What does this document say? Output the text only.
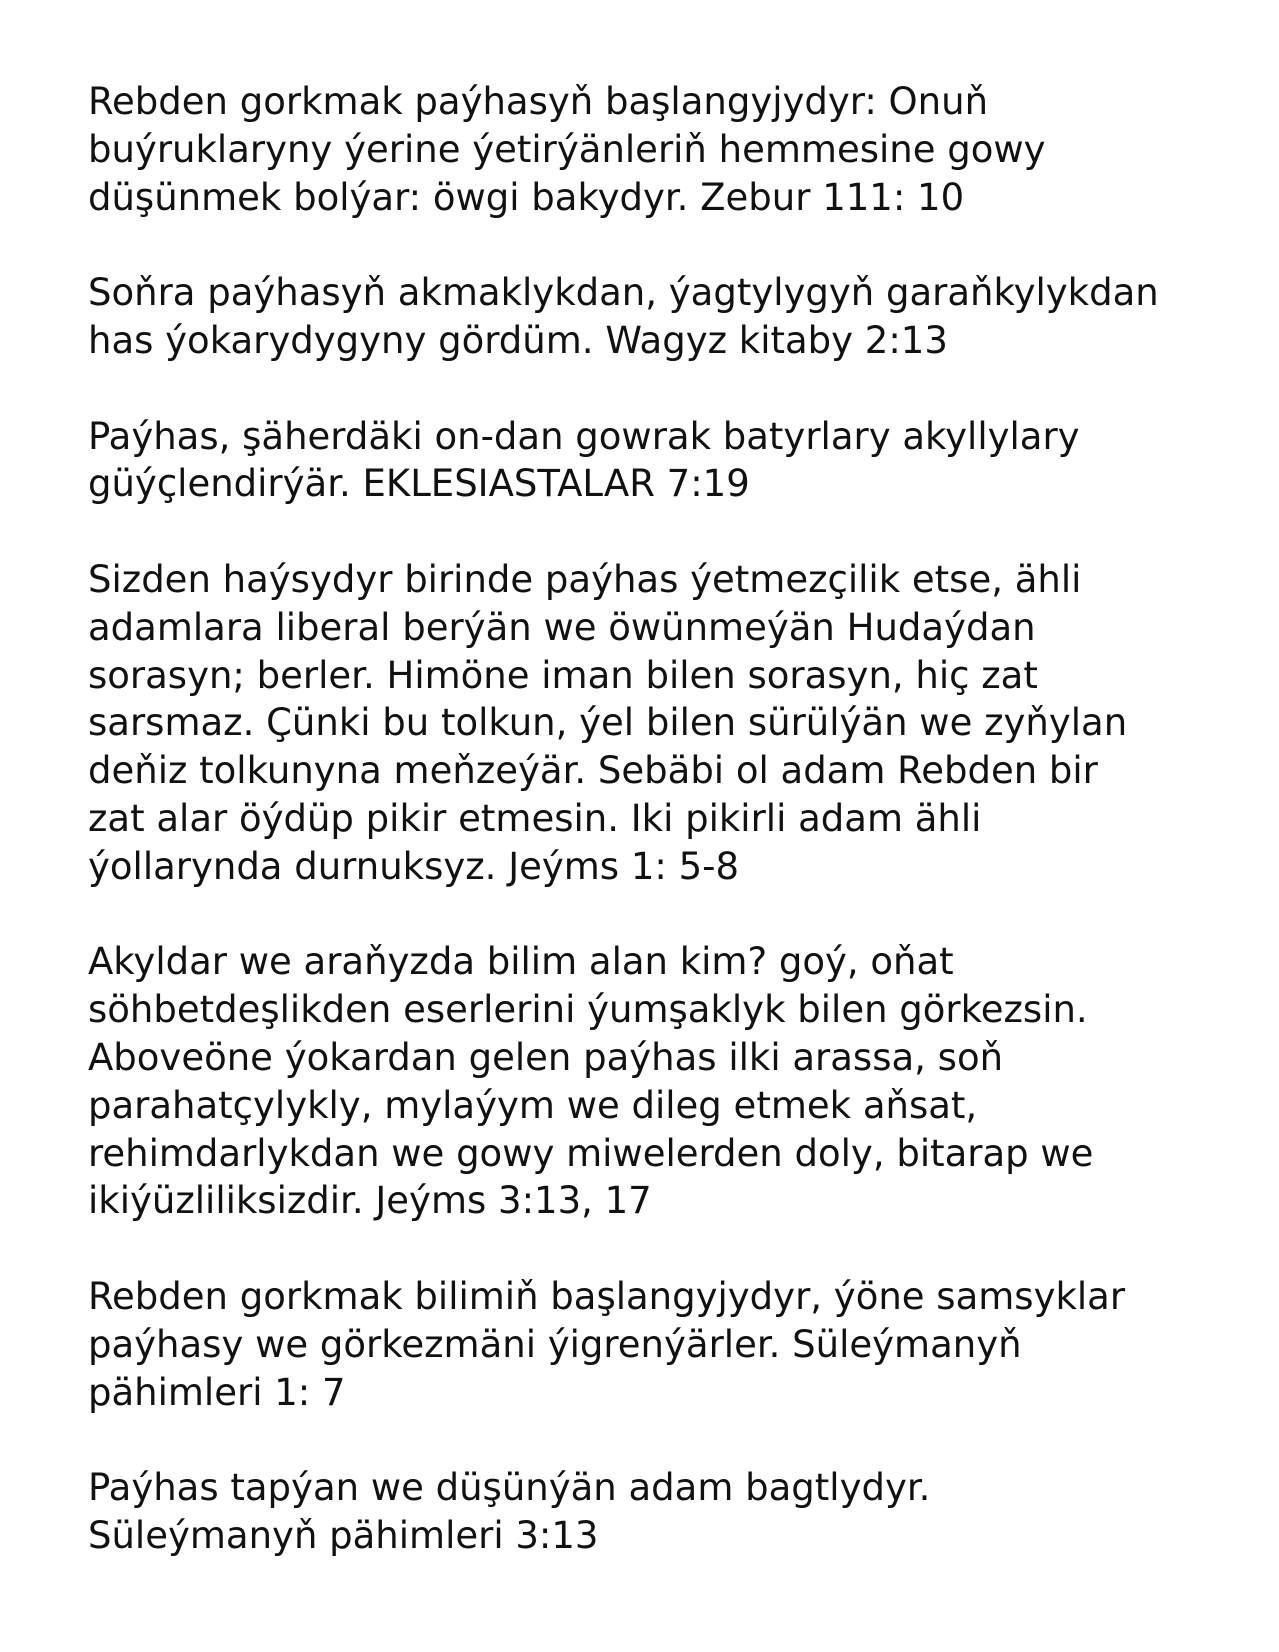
Rebden gorkmak paýhasyň başlangyjydyr: Onuň
buýruklaryny ýerine ýetirýänleriň hemmesine gowy
düşünmek bolýar: öwgi bakydyr. Zebur 111: 10

Soňra paýhasyň akmaklykdan, ýagtylygyň garaňkylykdan
has ýokarydygyny gördüm. Wagyz kitaby 2:13

Paýhas, şäherdäki on-dan gowrak batyrlary akyllylary
güýçlendirýär. EKLESIASTALAR 7:19

Sizden haýsydyr birinde paýhas ýetmezçilik etse, ähli
adamlara liberal berýän we öwünmeýän Hudaýdan
sorasyn; berler. Himöne iman bilen sorasyn, hiç zat
sarsmaz. Çünki bu tolkun, ýel bilen sürülýän we zyňylan
deňiz tolkunyna meňzeýär. Sebäbi ol adam Rebden bir
zat alar öýdüp pikir etmesin. Iki pikirli adam ähli
ýollarynda durnuksyz. Jeýms 1: 5-8

Akyldar we araňyzda bilim alan kim? goý, oňat
söhbetdeşlikden eserlerini ýumşaklyk bilen görkezsin.
Aboveöne ýokardan gelen paýhas ilki arassa, soň
parahatçylykly, mylaýym we dileg etmek aňsat,
rehimdarlykdan we gowy miwelerden doly, bitarap we
ikiýüzliliksizdir. Jeýms 3:13, 17

Rebden gorkmak bilimiň başlangyjydyr, ýöne samsyklar
paýhasy we görkezmäni ýigrenýärler. Süleýmanyň
pähimleri 1: 7

Paýhas tapýan we düşünýän adam bagtlydyr.
Süleýmanyň pähimleri 3:13
